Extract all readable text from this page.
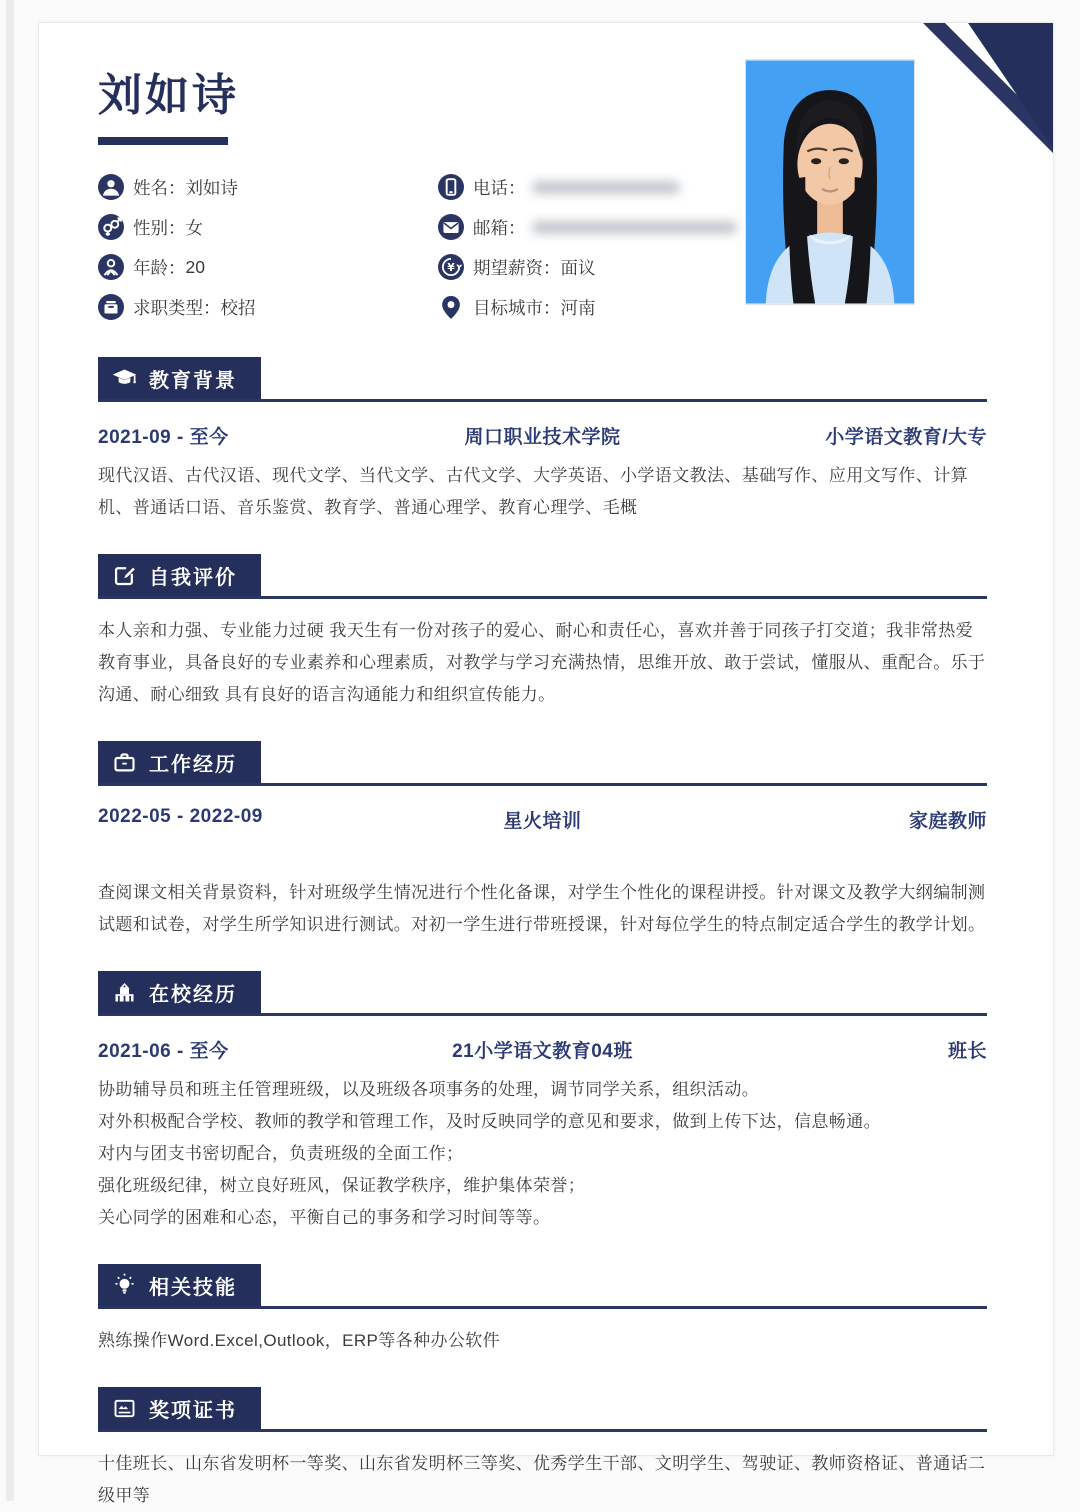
刘如诗
姓名： 刘如诗
性别： 女
年龄： 20
求职类型： 校招
电话：
邮箱：
¥ 期望薪资： 面议
目标城市： 河南
教育背景
2021-09 - 至今	周口职业技术学院	小学语文教育/大专

现代汉语、古代汉语、现代文学、当代文学、古代文学、大学英语、小学语文教法、基础写作、应用文写作、计算机、普通话口语、音乐鉴赏、教育学、普通心理学、教育心理学、毛概

自我评价

本人亲和力强、专业能力过硬 我天生有一份对孩子的爱心、耐心和责任心，喜欢并善于同孩子打交道；我非常热爱教育事业，具备良好的专业素养和心理素质，对教学与学习充满热情，思维开放、敢于尝试，懂服从、重配合。乐于沟通、耐心细致 具有良好的语言沟通能力和组织宣传能力。

工作经历
2022-05 - 2022-09	星火培训	家庭教师

查阅课文相关背景资料，针对班级学生情况进行个性化备课，对学生个性化的课程讲授。针对课文及教学大纲编制测试题和试卷，对学生所学知识进行测试。对初一学生进行带班授课，针对每位学生的特点制定适合学生的教学计划。

在校经历
2021-06 - 至今	21小学语文教育04班	班长

协助辅导员和班主任管理班级，以及班级各项事务的处理，调节同学关系，组织活动。

对外积极配合学校、教师的教学和管理工作，及时反映同学的意见和要求，做到上传下达，信息畅通。

对内与团支书密切配合，负责班级的全面工作；

强化班级纪律，树立良好班风，保证教学秩序，维护集体荣誉；

关心同学的困难和心态，平衡自己的事务和学习时间等等。

相关技能

熟练操作Word.Excel,Outlook，ERP等各种办公软件

奖项证书

十佳班长、山东省发明杯一等奖、山东省发明杯三等奖、优秀学生干部、文明学生、驾驶证、教师资格证、普通话二级甲等
